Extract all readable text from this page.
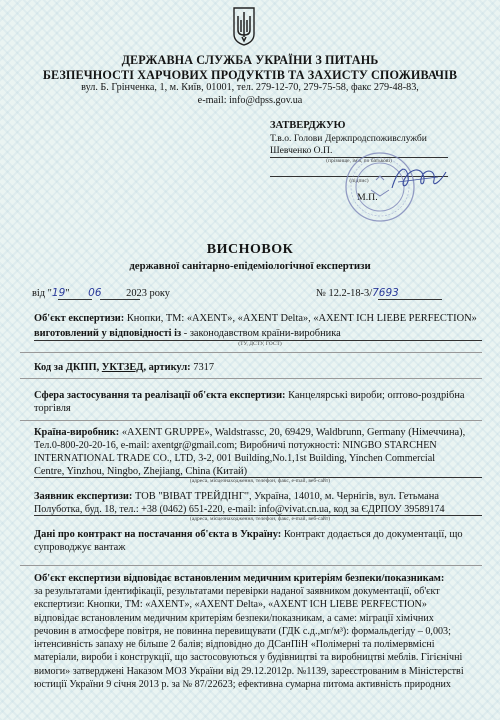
ДЕРЖАВНА СЛУЖБА УКРАЇНИ З ПИТАНЬ
БЕЗПЕЧНОСТІ ХАРЧОВИХ ПРОДУКТІВ ТА ЗАХИСТУ СПОЖИВАЧІВ
вул. Б. Грінченка, 1, м. Київ, 01001, тел. 279-12-70, 279-75-58, факс 279-48-83,
e-mail: info@dpss.gov.ua
ЗАТВЕРДЖУЮ
Т.в.о. Голови Держпродспоживслужби
Шевченко О.П.
(прізвище, ім'я, по батькові)
(підпис)
М.П.
ВИСНОВОК
державної санітарно-епідеміологічної експертизи
від "19" 06 2023 року	№ 12.2-18-3/7693
Об'єкт експертизи: Кнопки, ТМ: «AXENT», «AXENT Delta», «AXENT ICH LIEBE PERFECTION»
виготовлений у відповідності із - законодавством країни-виробника
(ТУ, ДСТУ, ГОСТ)
Код за ДКПП, УКТЗЕД, артикул: 7317
Сфера застосування та реалізації об'єкта експертизи: Канцелярські вироби; оптово-роздрібна
торгівля
Країна-виробник: «AXENT GRUPPE», Waldstrassc, 20, 69429, Waldbrunn, Germany (Німеччина),
Тел.0-800-20-20-16, e-mail: axentgr@gmail.com; Виробничі потужності: NINGBO STARCHEN
INTERNATIONAL TRADE CO., LTD, 3-2, 001 Building,No.1,1st Building, Yinchen Commercial
Centre, Yinzhou, Ningbo, Zhejiang, China (Китай)
(адреса, місцезнаходження, телефон, факс, e-mail, веб-сайт)
Заявник експертизи: ТОВ "ВІВАТ ТРЕЙДІНГ", Україна, 14010, м. Чернігів, вул. Гетьмана
Полуботка, буд. 18, тел.: +38 (0462) 651-220, e-mail: info@vivat.cn.ua, код за ЄДРПОУ 39589174
(адреса, місцезнаходження, телефон, факс, e-mail, веб-сайт)
Дані про контракт на постачання об'єкта в Україну: Контракт додається до документації, що
супроводжує вантаж
Об'єкт експертизи відповідає встановленим медичним критеріям безпеки/показникам:
за результатами ідентифікації, результатами перевірки наданої заявником документації, об'єкт
експертизи: Кнопки, ТМ: «AXENT», «AXENT Delta», «AXENT ICH LIEBE PERFECTION»
відповідає встановленим медичним критеріям безпеки/показникам, а саме: міграції хімічних
речовин в атмосфере повітря, не повинна перевищувати (ГДК с.д.,мг/м³): формальдегіду – 0,003;
інтенсивність запаху не більше 2 балів; відповідно до ДСанПіН «Полімерні та полімервмісні
матеріали, вироби і конструкції, що застосовуються у будівництві та виробництві меблів. Гігієнічні
вимоги» затверджені Наказом МОЗ України від 29.12.2012р. №1139, зареєстрованим в Міністерстві
юстиції України 9 січня 2013 р. за № 87/22623; ефективна сумарна питома активність природних
